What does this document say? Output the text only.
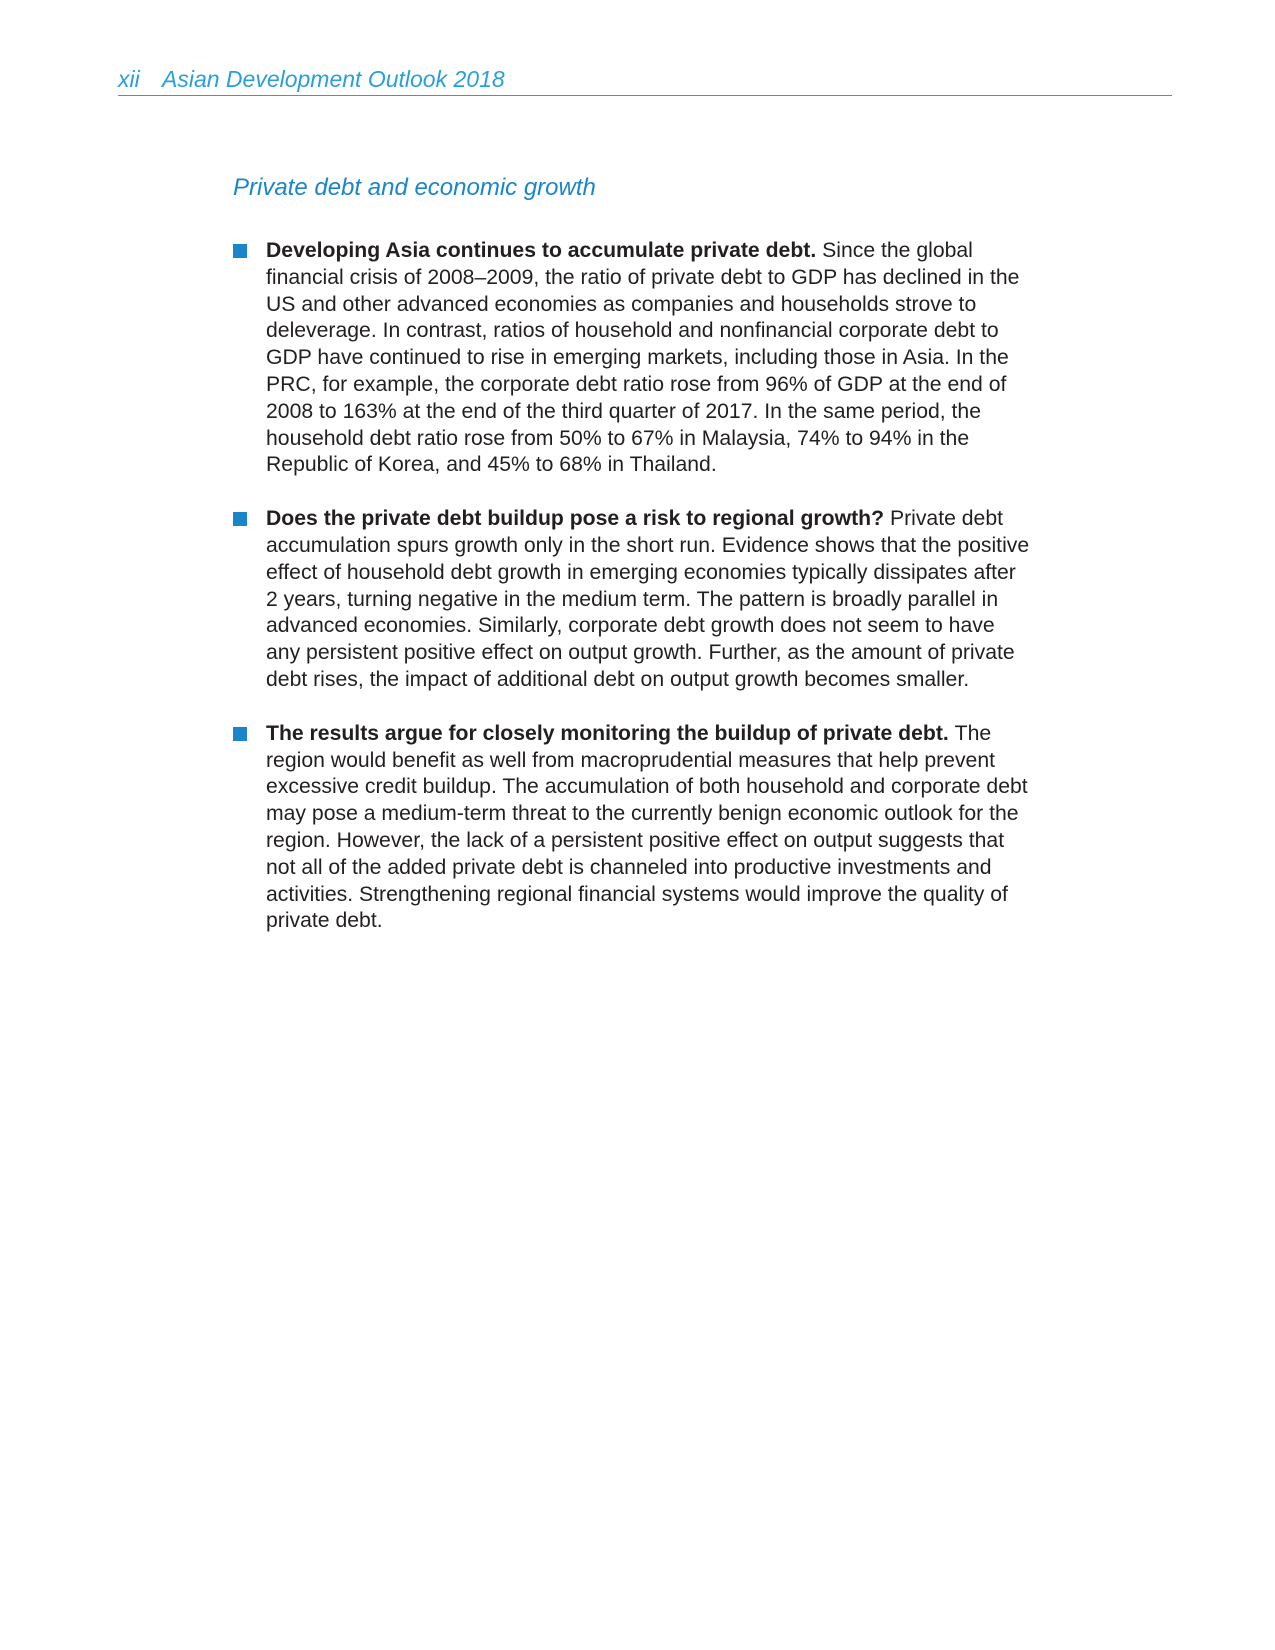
xii Asian Development Outlook 2018
Private debt and economic growth
Developing Asia continues to accumulate private debt. Since the global financial crisis of 2008–2009, the ratio of private debt to GDP has declined in the US and other advanced economies as companies and households strove to deleverage. In contrast, ratios of household and nonfinancial corporate debt to GDP have continued to rise in emerging markets, including those in Asia. In the PRC, for example, the corporate debt ratio rose from 96% of GDP at the end of 2008 to 163% at the end of the third quarter of 2017. In the same period, the household debt ratio rose from 50% to 67% in Malaysia, 74% to 94% in the Republic of Korea, and 45% to 68% in Thailand.
Does the private debt buildup pose a risk to regional growth? Private debt accumulation spurs growth only in the short run. Evidence shows that the positive effect of household debt growth in emerging economies typically dissipates after 2 years, turning negative in the medium term. The pattern is broadly parallel in advanced economies. Similarly, corporate debt growth does not seem to have any persistent positive effect on output growth. Further, as the amount of private debt rises, the impact of additional debt on output growth becomes smaller.
The results argue for closely monitoring the buildup of private debt. The region would benefit as well from macroprudential measures that help prevent excessive credit buildup. The accumulation of both household and corporate debt may pose a medium-term threat to the currently benign economic outlook for the region. However, the lack of a persistent positive effect on output suggests that not all of the added private debt is channeled into productive investments and activities. Strengthening regional financial systems would improve the quality of private debt.
